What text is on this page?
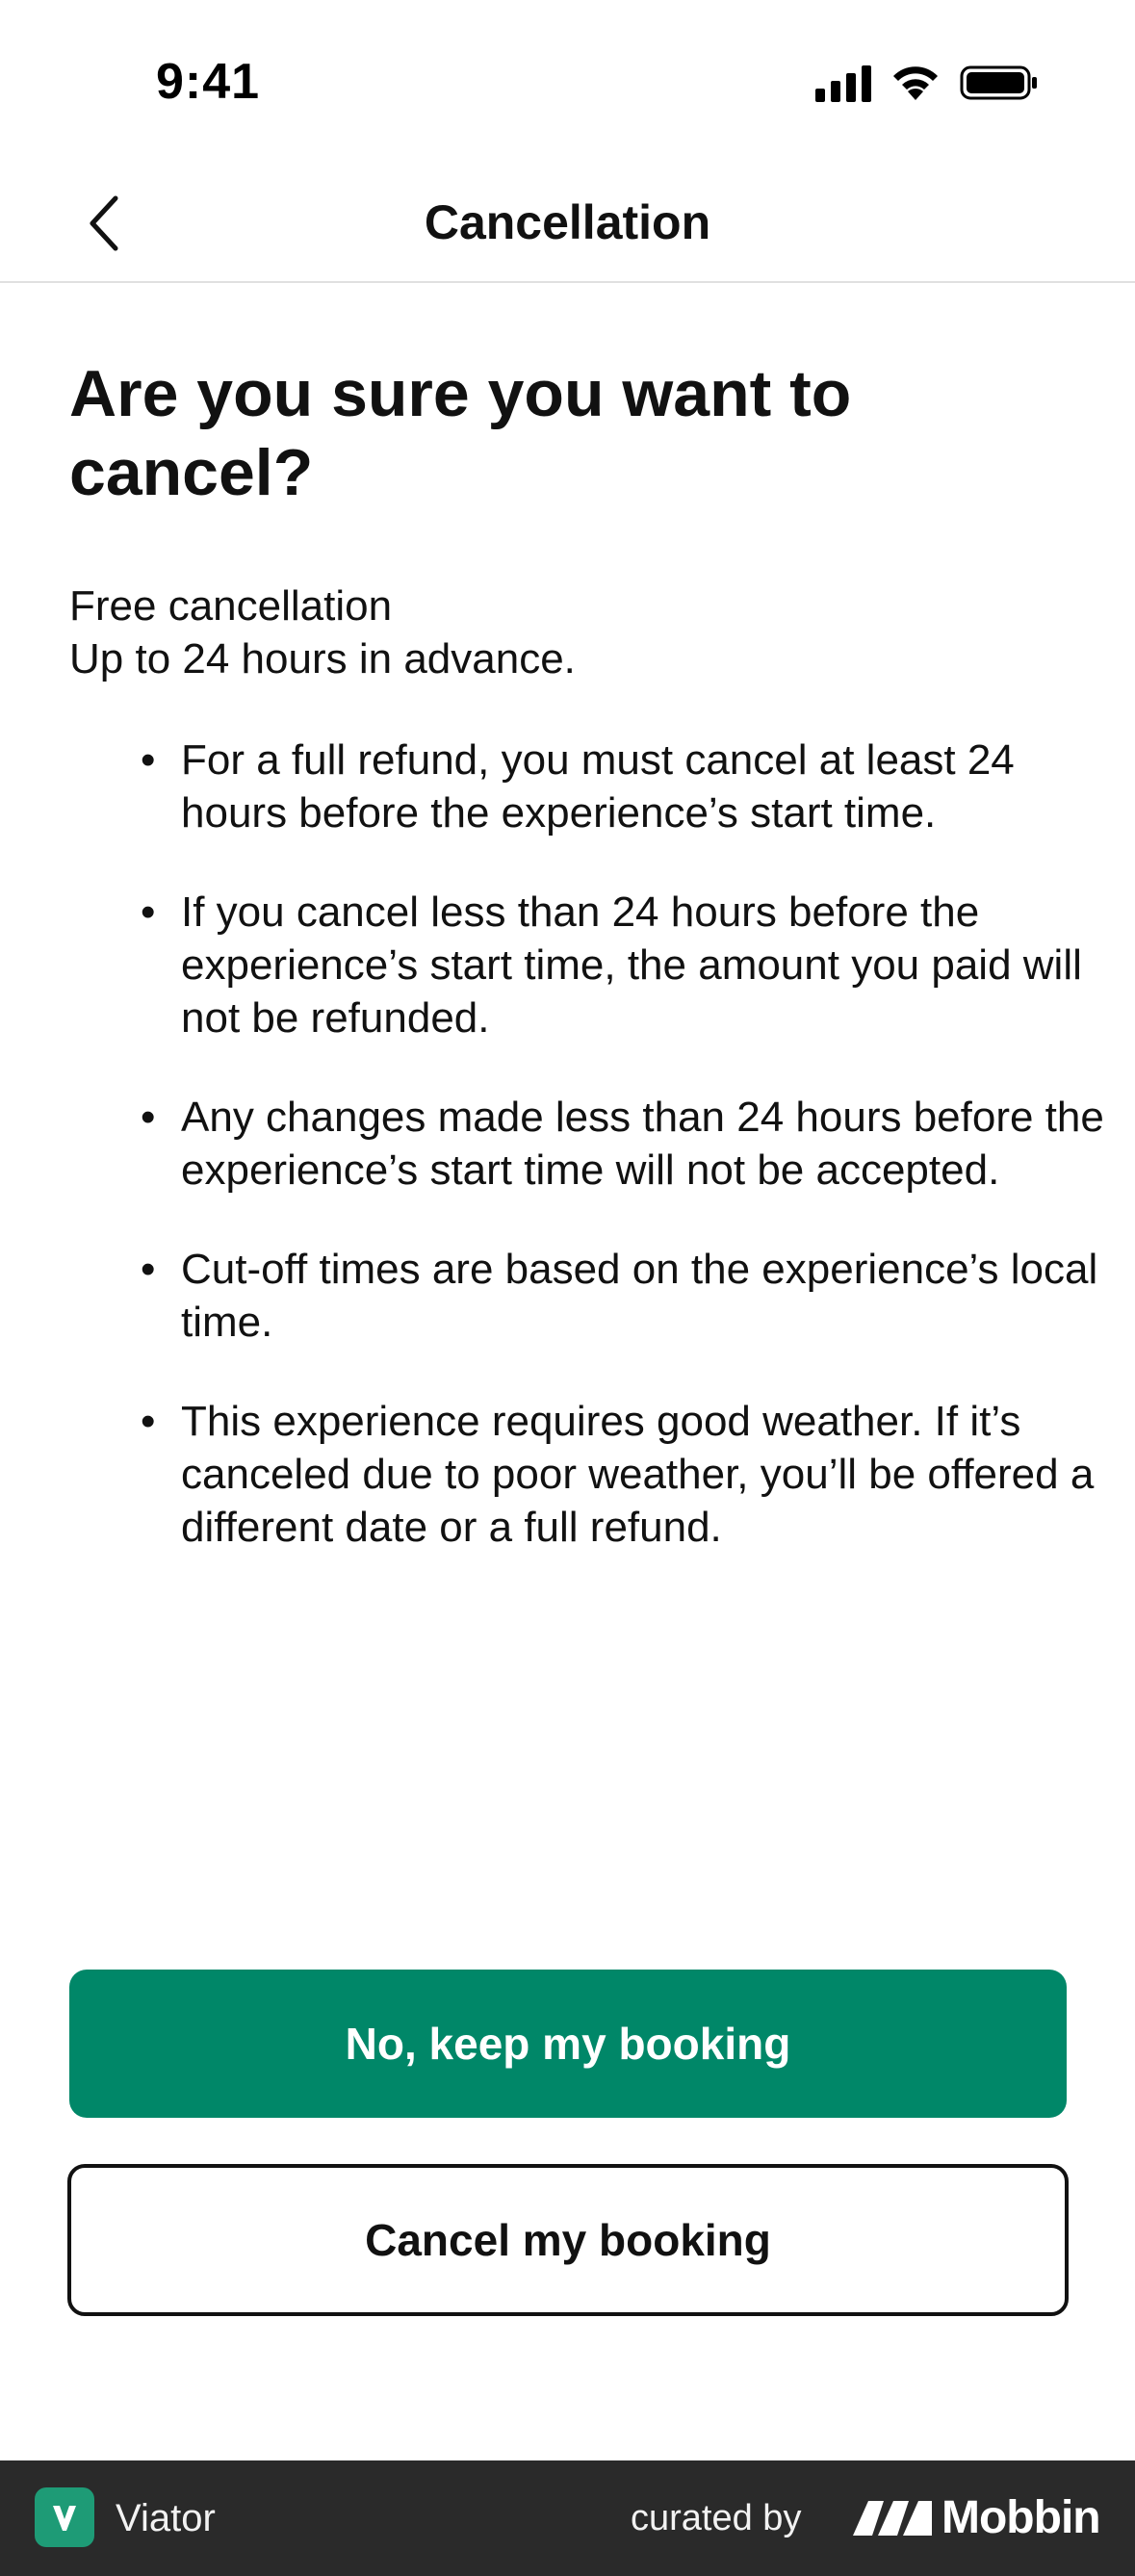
9:41
Cancellation
Are you sure you want to cancel?
Free cancellation
Up to 24 hours in advance.
• For a full refund, you must cancel at least 24 hours before the experience’s start time.
• If you cancel less than 24 hours before the experience’s start time, the amount you paid will not be refunded.
• Any changes made less than 24 hours before the experience’s start time will not be accepted.
• Cut-off times are based on the experience’s local time.
• This experience requires good weather. If it’s canceled due to poor weather, you’ll be offered a different date or a full refund.
No, keep my booking
Cancel my booking
Viator	curated by	Mobbin
